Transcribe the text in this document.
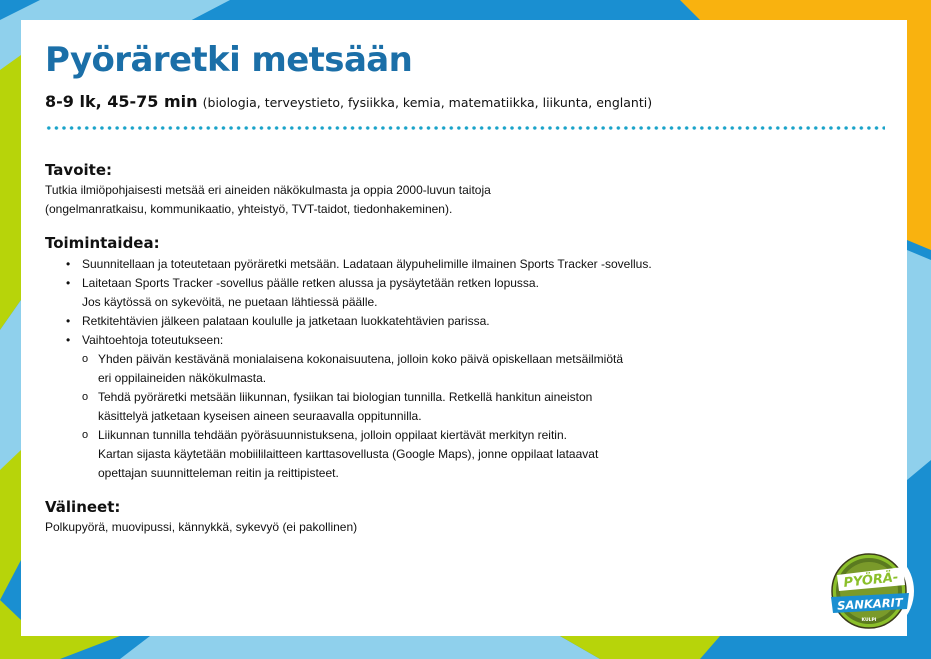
Pyöräretki metsään
8-9 lk, 45-75 min (biologia, terveystieto, fysiikka, kemia, matematiikka, liikunta, englanti)
Tavoite:

Tutkia ilmiöpohjaisesti metsää eri aineiden näkökulmasta ja oppia 2000-luvun taitoja
(ongelmanratkaisu, kommunikaatio, yhteistyö, TVT-taidot, tiedonhakeminen).

Toimintaidea:
• Suunnitellaan ja toteutetaan pyöräretki metsään. Ladataan älypuhelimille ilmainen Sports Tracker -sovellus.
• Laitetaan Sports Tracker -sovellus päälle retken alussa ja pysäytetään retken lopussa.
Jos käytössä on sykevöitä, ne puetaan lähtiessä päälle.
• Retkitehtävien jälkeen palataan koululle ja jatketaan luokkatehtävien parissa.
• Vaihtoehtoja toteutukseen:
o Yhden päivän kestävänä monialaisena kokonaisuutena, jolloin koko päivä opiskellaan metsäilmiötä
eri oppilaineiden näkökulmasta.
o Tehdä pyöräretki metsään liikunnan, fysiikan tai biologian tunnilla. Retkellä hankitun aineiston
käsittelyä jatketaan kyseisen aineen seuraavalla oppitunnilla.
o Liikunnan tunnilla tehdään pyöräsuunnistuksena, jolloin oppilaat kiertävät merkityn reitin.
Kartan sijasta käytetään mobiililaitteen karttasovellusta (Google Maps), jonne oppilaat lataavat
opettajan suunnitteleman reitin ja reittipisteet.
Välineet:

Polkupyörä, muovipussi, kännykkä, sykevyö (ei pakollinen)

PYÖRÄ-
SANKARIT
KULPI
